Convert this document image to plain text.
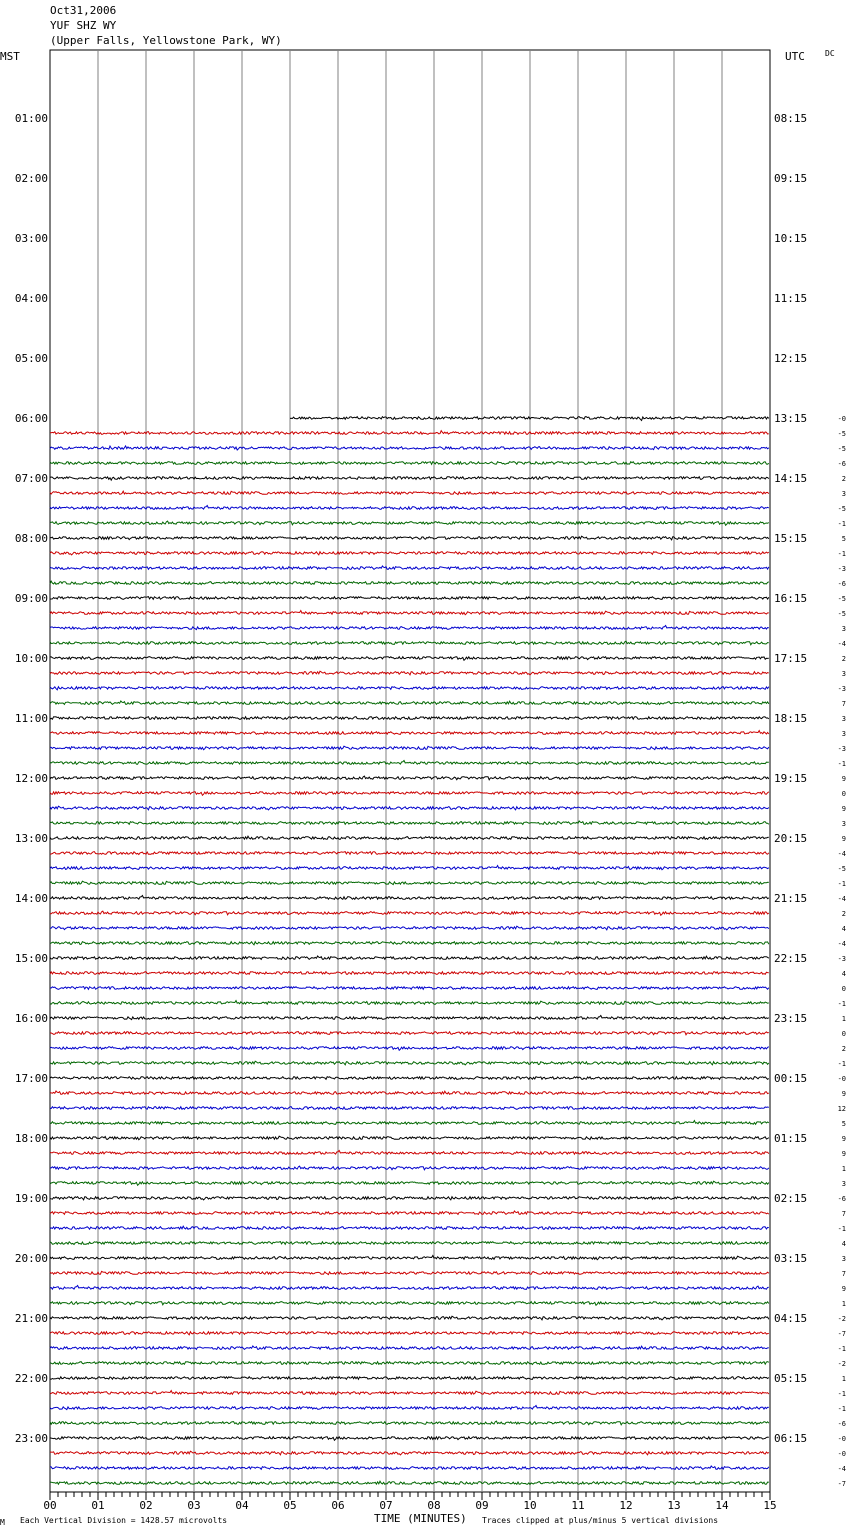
Oct31,2006
YUF SHZ WY
(Upper Falls, Yellowstone Park, WY)
MST	UTC	DC
00	01	02	03	04	05	06	07	08	09	10	11	12	13	14	15
01:00
02:00
03:00
04:00
05:00
06:00
07:00
08:00
09:00
10:00
11:00
12:00
13:00
14:00
15:00
16:00
17:00
18:00
19:00
20:00
21:00
22:00
23:00
08:15
09:15
10:15
11:15
12:15
13:15
14:15
15:15
16:15
17:15
18:15
19:15
20:15
21:15
22:15
23:15
00:15
01:15
02:15
03:15
04:15
05:15
06:15
-0
-5
-5
-6
2
3
-5
-1
5
-1
-3
-6
-5
-5
3
-4
2
3
-3
7
3
3
-3
-1
9
0
9
3
9
-4
-5
-1
-4
2
4
-4
-3
4
0
-1
1
0
2
-1
-0
9
12
5
9
9
1
3
-6
7
-1
4
3
7
9
1
-2
-7
-1
-2
1
-1
-1
-6
-0
-0
-4
-7
M Each Vertical Division = 1428.57 microvolts	TIME (MINUTES) Traces clipped at plus/minus 5 vertical divisions
